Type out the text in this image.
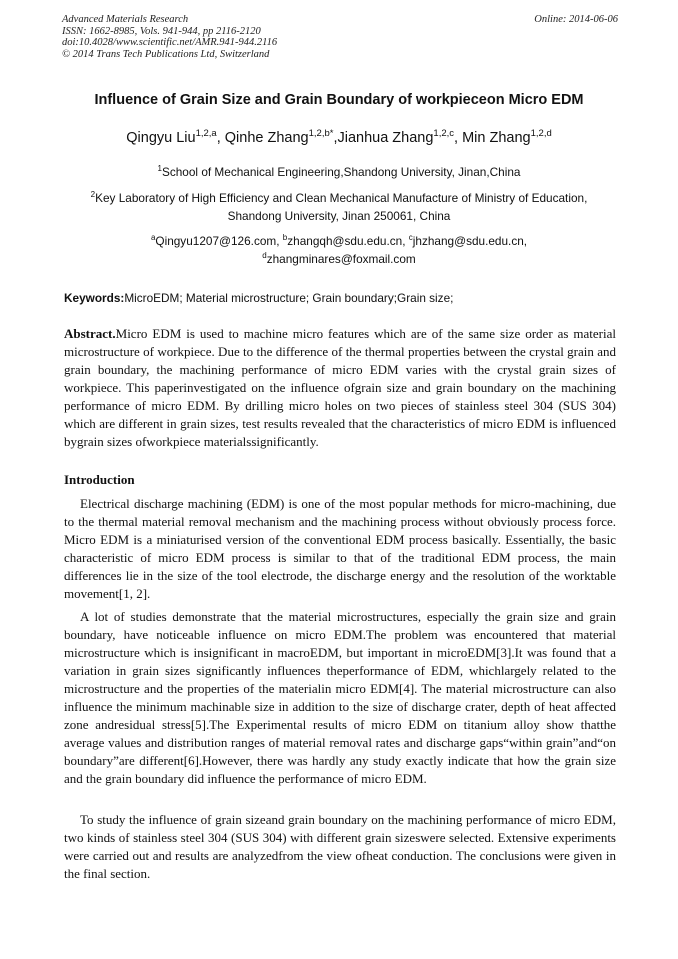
Advanced Materials Research
ISSN: 1662-8985, Vols. 941-944, pp 2116-2120
doi:10.4028/www.scientific.net/AMR.941-944.2116
© 2014 Trans Tech Publications Ltd, Switzerland
Online: 2014-06-06
Influence of Grain Size and Grain Boundary of workpieceon Micro EDM
Qingyu Liu$^{1,2,a}$, Qinhe Zhang$^{1,2,b*}$,Jianhua Zhang$^{1,2,c}$, Min Zhang$^{1,2,d}$
$^1$School of Mechanical Engineering,Shandong University, Jinan,China
$^2$Key Laboratory of High Efficiency and Clean Mechanical Manufacture of Ministry of Education,
Shandong University, Jinan 250061, China
$^a$Qingyu1207@126.com, $^b$zhangqh@sdu.edu.cn, $^c$jhzhang@sdu.edu.cn,
$^d$zhangminares@foxmail.com
Keywords:MicroEDM; Material microstructure; Grain boundary;Grain size;
Abstract.Micro EDM is used to machine micro features which are of the same size order as material microstructure of workpiece. Due to the difference of the thermal properties between the crystal grain and grain boundary, the machining performance of micro EDM varies with the crystal grain sizes of workpiece. This paperinvestigated on the influence ofgrain size and grain boundary on the machining performance of micro EDM. By drilling micro holes on two pieces of stainless steel 304 (SUS 304) which are different in grain sizes, test results revealed that the characteristics of micro EDM is influenced bygrain sizes ofworkpiece materialssignificantly.
Introduction
Electrical discharge machining (EDM) is one of the most popular methods for micro-machining, due to the thermal material removal mechanism and the machining process without obviously process force. Micro EDM is a miniaturised version of the conventional EDM process basically. Essentially, the basic characteristic of micro EDM process is similar to that of the traditional EDM process, the main differences lie in the size of the tool electrode, the discharge energy and the resolution of the worktable movement[1, 2].
A lot of studies demonstrate that the material microstructures, especially the grain size and grain boundary, have noticeable influence on micro EDM.The problem was encountered that material microstructure which is insignificant in macroEDM, but important in microEDM[3].It was found that a variation in grain sizes significantly influences theperformance of EDM, whichlargely related to the microstructure and the properties of the materialin micro EDM[4]. The material microstructure can also influence the minimum machinable size in addition to the size of discharge crater, depth of heat affected zone andresidual stress[5].The Experimental results of micro EDM on titanium alloy show thatthe average values and distribution ranges of material removal rates and discharge gaps“within grain”and“on boundary”are different[6].However, there was hardly any study exactly indicate that how the grain size and the grain boundary did influence the performance of micro EDM.
To study the influence of grain sizeand grain boundary on the machining performance of micro EDM, two kinds of stainless steel 304 (SUS 304) with different grain sizeswere selected. Extensive experiments were carried out and results are analyzedfrom the view ofheat conduction. The conclusions were given in the final section.
